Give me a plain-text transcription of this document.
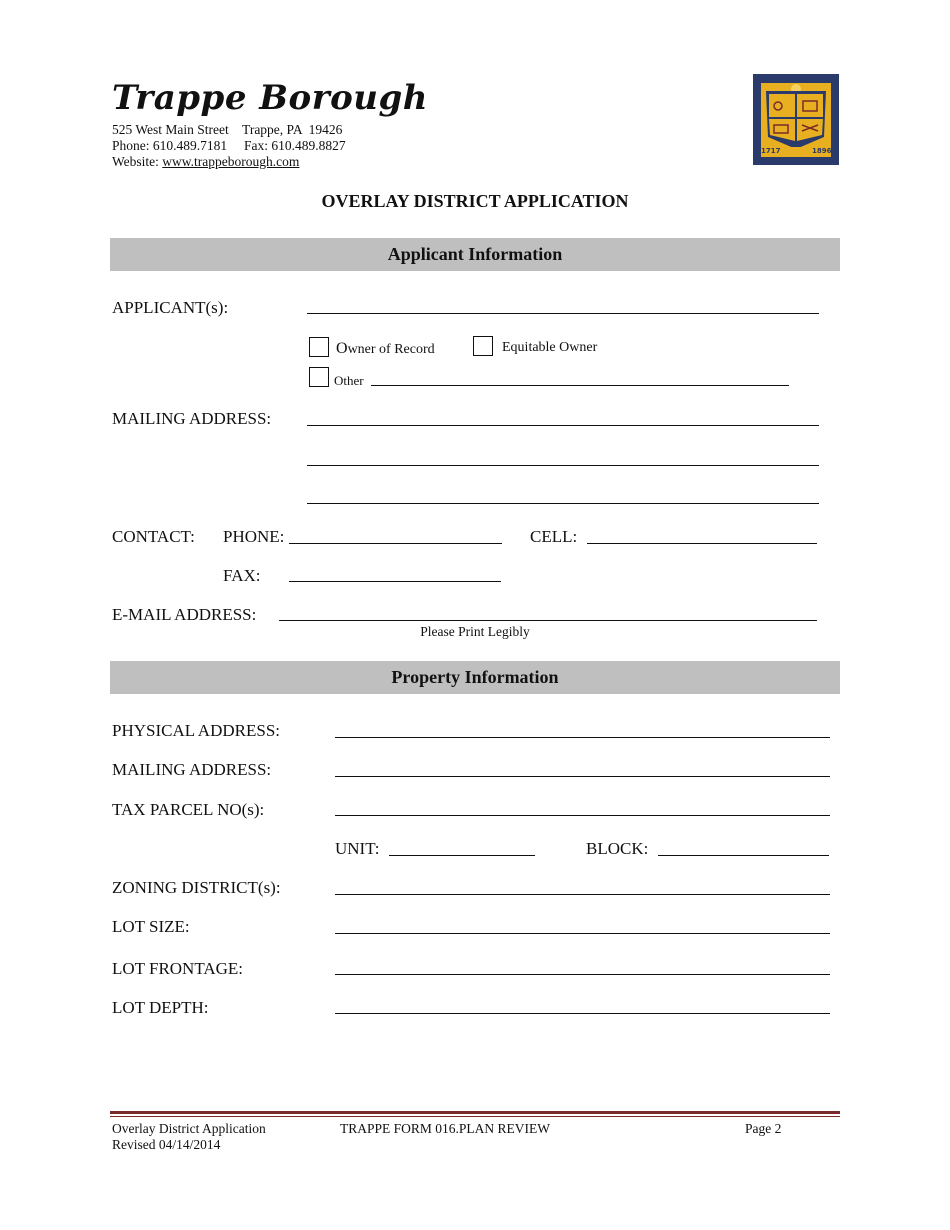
Trappe Borough
525 West Main Street Trappe, PA  19426
Phone: 610.489.7181 Fax: 610.489.8827
Website: www.trappeborough.com
1717	1896
OVERLAY DISTRICT APPLICATION
Applicant Information
APPLICANT(s):
Owner of Record	Equitable Owner
Other
MAILING ADDRESS:
CONTACT: PHONE:	CELL:
FAX:
E-MAIL ADDRESS:
Please Print Legibly
Property Information
PHYSICAL ADDRESS:
MAILING ADDRESS:
TAX PARCEL NO(s):
UNIT:	BLOCK:
ZONING DISTRICT(s):
LOT SIZE:
LOT FRONTAGE:
LOT DEPTH:
Overlay District Application
Revised 04/14/2014
TRAPPE FORM 016.PLAN REVIEW	Page 2
